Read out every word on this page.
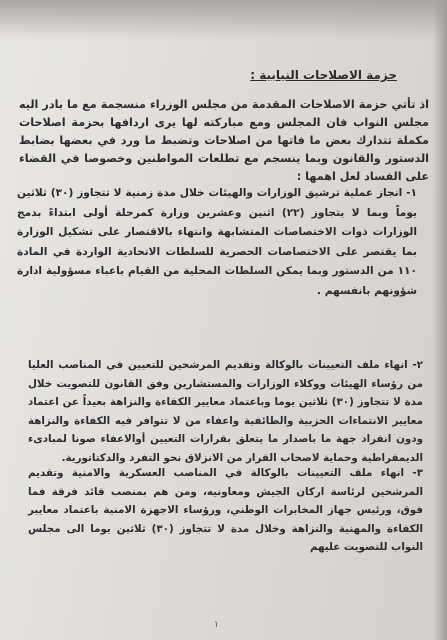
حزمة الاصلاحات النيابية :
اذ تأتي حزمة الاصلاحات المقدمة من مجلس الوزراء منسجمة مع ما بادر اليه مجلس النواب فان المجلس ومع مباركته لها يرى اردافها بحزمة اصلاحات مكملة تتدارك بعض ما فاتها من اصلاحات وتضبط ما ورد في بعضها بضابط الدستور والقانون وبما ينسجم مع تطلعات المواطنين وخصوصا في القضاء على الفساد لعل اهمها :
١- انجاز عملية ترشيق الوزارات والهيئات خلال مدة زمنية لا تتجاوز (٣٠) ثلاثين يوماً وبما لا يتجاوز (٢٢) اثنين وعشرين وزارة كمرحلة أولى ابتداءً بدمج الوزارات ذوات الاختصاصات المتشابهة وانتهاء بالاقتصار على تشكيل الوزارة بما يقتصر على الاختصاصات الحصرية للسلطات الاتحادية الواردة في المادة ١١٠ من الدستور وبما يمكن السلطات المحلية من القيام باعباء مسؤولية ادارة شؤونهم بانفسهم .
٢- انهاء ملف التعيينات بالوكالة وتقديم المرشحين للتعيين في المناصب العليا من رؤساء الهيئات ووكلاء الوزارات والمستشارين وفق القانون للتصويت خلال مدة لا تتجاوز (٣٠) ثلاثين يوما وباعتماد معايير الكفاءة والنزاهة بعيداً عن اعتماد معايير الانتماءات الحزبية والطائفية واعفاء من لا تتوافر فيه الكفاءة والنزاهة ودون انفراد جهة ما باصدار ما يتعلق بقرارات التعيين أوالاعفاء صونا لمبادىء الديمقراطية وحماية لاصحاب القرار من الانزلاق نحو التفرد والدكتاتورية.
٣- انهاء ملف التعيينات بالوكالة في المناصب العسكرية والامنية وتقديم المرشحين لرئاسة اركان الجيش ومعاونيه، ومن هم بمنصب قائد فرقة فما فوق، ورئيس جهاز المخابرات الوطني، ورؤساء الاجهزة الامنية باعتماد معايير الكفاءة والمهنية والنزاهة وخلال مدة لا تتجاوز (٣٠) ثلاثين يوما الى مجلس النواب للتصويت عليهم
١
